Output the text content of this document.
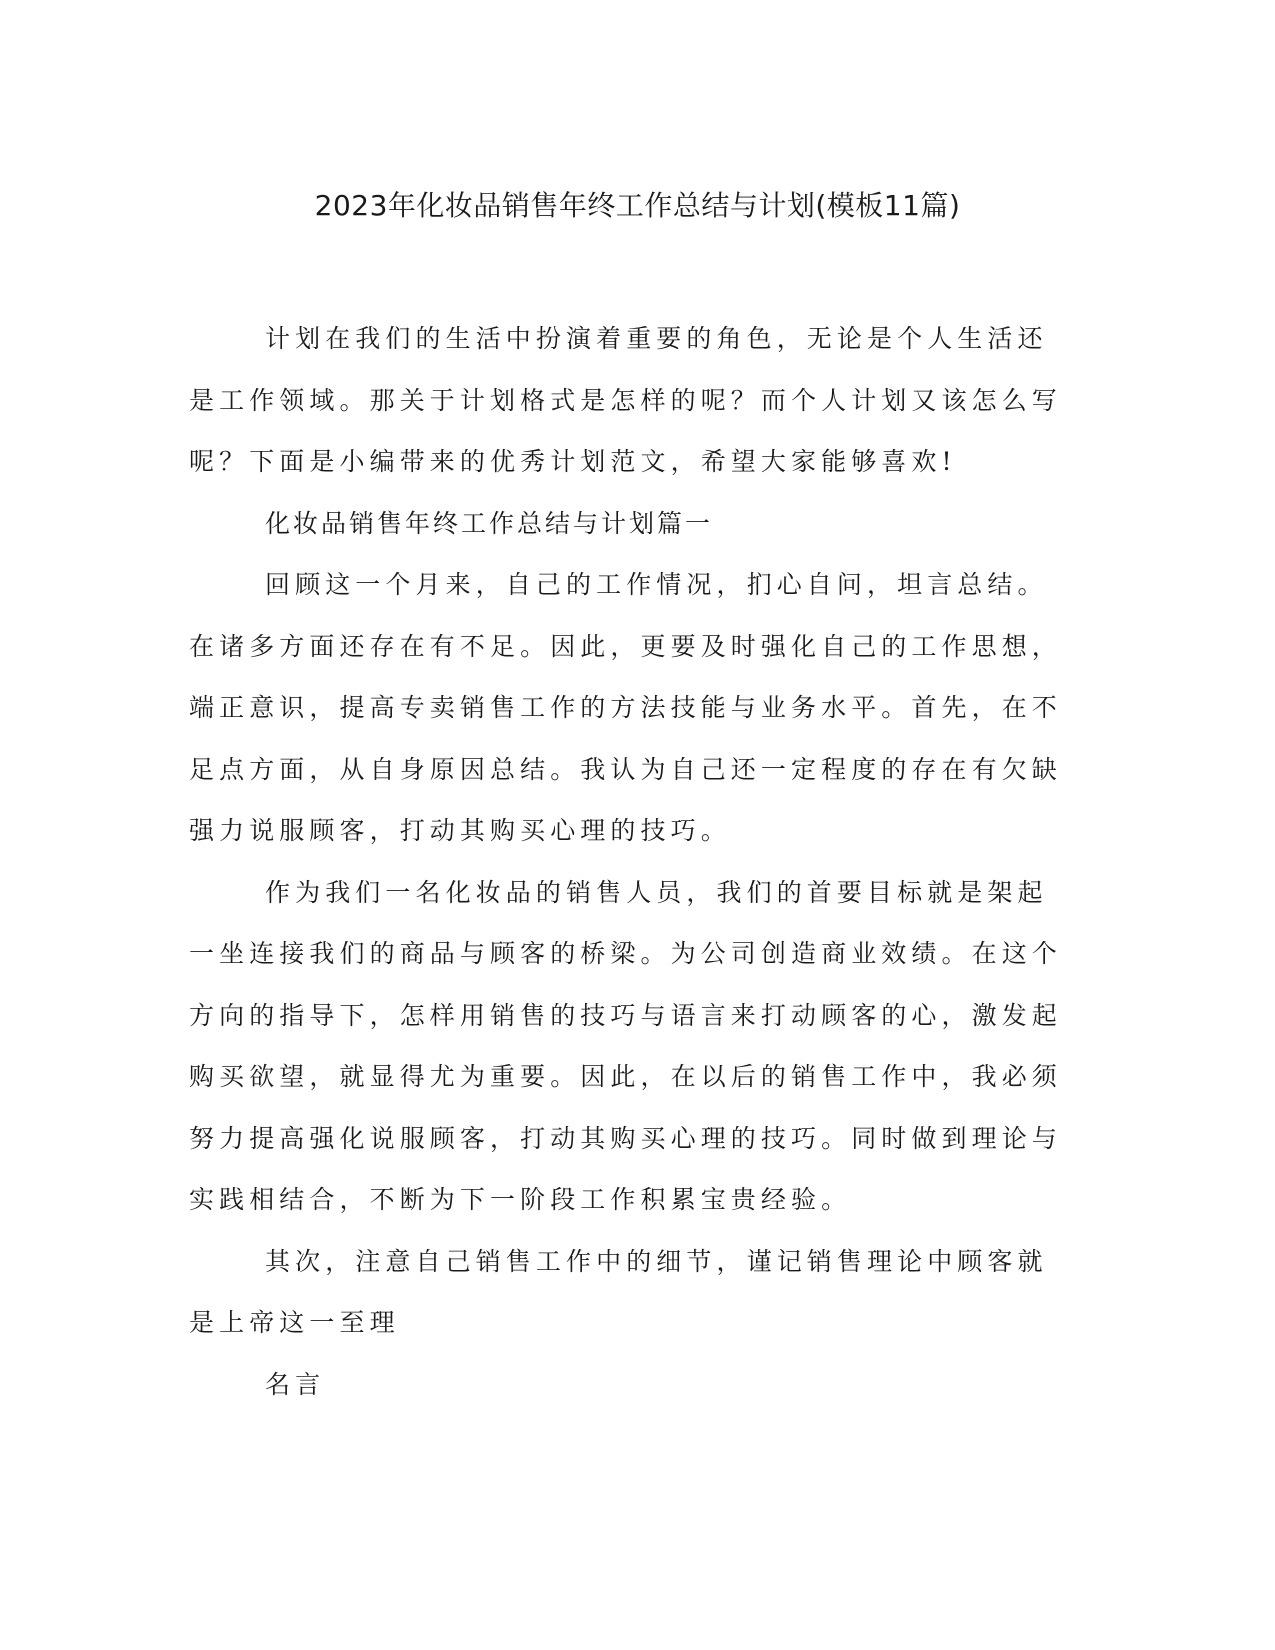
2023年化妆品销售年终工作总结与计划(模板11篇)

计划在我们的生活中扮演着重要的角色，无论是个人生活还是工作领域。那关于计划格式是怎样的呢？而个人计划又该怎么写呢？下面是小编带来的优秀计划范文，希望大家能够喜欢!

化妆品销售年终工作总结与计划篇一

回顾这一个月来，自己的工作情况，扪心自问，坦言总结。在诸多方面还存在有不足。因此，更要及时强化自己的工作思想，端正意识，提高专卖销售工作的方法技能与业务水平。首先，在不足点方面，从自身原因总结。我认为自己还一定程度的存在有欠缺强力说服顾客，打动其购买心理的技巧。

作为我们一名化妆品的销售人员，我们的首要目标就是架起一坐连接我们的商品与顾客的桥梁。为公司创造商业效绩。在这个方向的指导下，怎样用销售的技巧与语言来打动顾客的心，激发起购买欲望，就显得尤为重要。因此，在以后的销售工作中，我必须努力提高强化说服顾客，打动其购买心理的技巧。同时做到理论与实践相结合，不断为下一阶段工作积累宝贵经验。

其次，注意自己销售工作中的细节，谨记销售理论中顾客就是上帝这一至理

名言
